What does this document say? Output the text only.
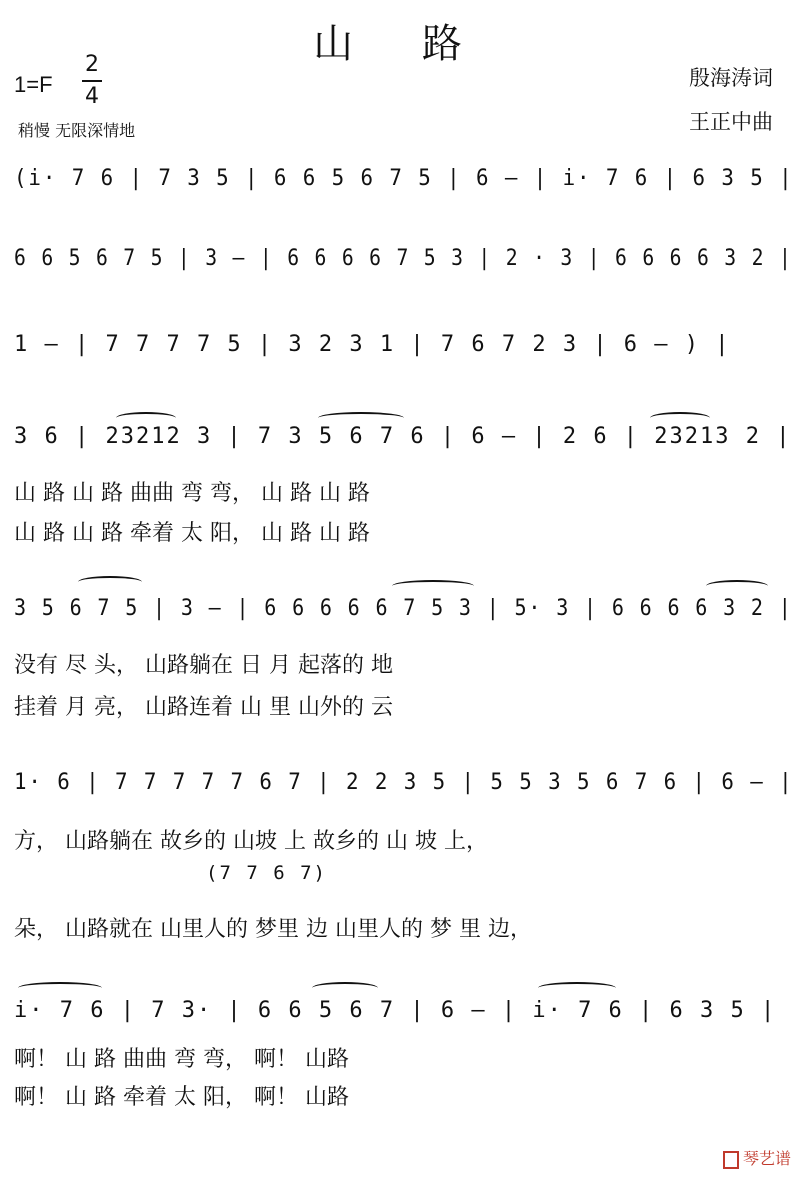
山 路
1=F
2
4
稍慢 无限深情地
殷海涛词
王正中曲
(i· 7 6 | 7 3 5 | 6 6 5 6 7 5 | 6 — | i· 7 6 | 6 3 5 |
6 6 5 6 7 5 | 3 — | 6 6 6 6 7 5 3 | 2 · 3 | 6 6 6 6 3 2 |
1 — | 7 7 7 7 5 | 3 2 3 1 | 7 6 7 2 3 | 6 — ) |
3 6 | 23212 3 | 7 3 5 6 7 6 | 6 — | 2 6 | 23213 2 |
山 路 山 路 曲曲 弯 弯， 山 路 山 路
山 路 山 路 牵着 太 阳， 山 路 山 路
3 5 6 7 5 | 3 — | 6 6 6 6 6 7 5 3 | 5· 3 | 6 6 6 6 3 2 |
没有 尽 头， 山路躺在 日 月 起落的 地
挂着 月 亮， 山路连着 山 里 山外的 云
1· 6 | 7 7 7 7 7 6 7 | 2 2 3 5 | 5 5 3 5 6 7 6 | 6 — |
方， 山路躺在 故乡的 山坡 上 故乡的 山 坡 上，
(7 7 6 7)
朵， 山路就在 山里人的 梦里 边 山里人的 梦 里 边，
i· 7 6 | 7 3· | 6 6 5 6 7 | 6 — | i· 7 6 | 6 3 5 |
啊！ 山 路 曲曲 弯 弯， 啊！ 山路
啊！ 山 路 牵着 太 阳， 啊！ 山路
琴艺谱
